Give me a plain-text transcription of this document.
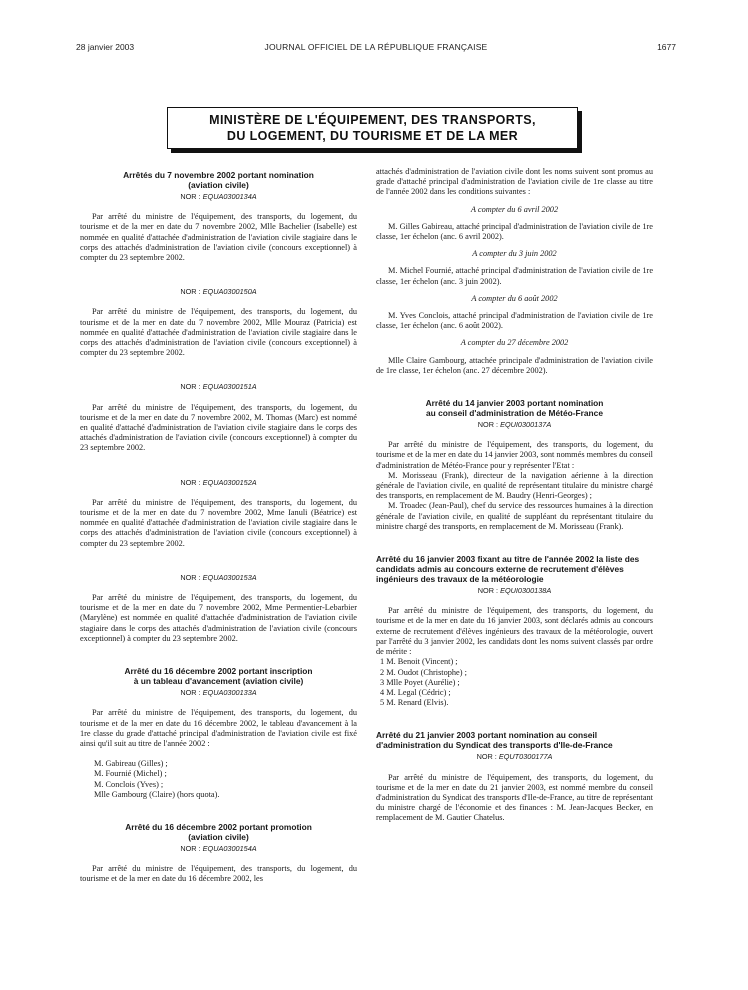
28 janvier 2003	JOURNAL OFFICIEL DE LA RÉPUBLIQUE FRANÇAISE	1677
MINISTÈRE DE L'ÉQUIPEMENT, DES TRANSPORTS,
DU LOGEMENT, DU TOURISME ET DE LA MER
Arrêtés du 7 novembre 2002 portant nomination
(aviation civile)
NOR : EQUA0300134A

Par arrêté du ministre de l'équipement, des transports, du logement, du tourisme et de la mer en date du 7 novembre 2002, Mlle Bachelier (Isabelle) est nommée en qualité d'attachée d'administration de l'aviation civile stagiaire dans le corps des attachés d'administration de l'aviation civile (concours exceptionnel) à compter du 23 septembre 2002.

NOR : EQUA0300150A

Par arrêté du ministre de l'équipement, des transports, du logement, du tourisme et de la mer en date du 7 novembre 2002, Mlle Mouraz (Patricia) est nommée en qualité d'attachée d'administration de l'aviation civile stagiaire dans le corps des attachés d'administration de l'aviation civile (concours exceptionnel) à compter du 23 septembre 2002.

NOR : EQUA0300151A

Par arrêté du ministre de l'équipement, des transports, du logement, du tourisme et de la mer en date du 7 novembre 2002, M. Thomas (Marc) est nommé en qualité d'attaché d'administration de l'aviation civile stagiaire dans le corps des attachés d'administration de l'aviation civile (concours exceptionnel) à compter du 23 septembre 2002.

NOR : EQUA0300152A

Par arrêté du ministre de l'équipement, des transports, du logement, du tourisme et de la mer en date du 7 novembre 2002, Mme Ianuli (Béatrice) est nommée en qualité d'attachée d'administration de l'aviation civile stagiaire dans le corps des attachés d'administration de l'aviation civile (concours exceptionnel) à compter du 23 septembre 2002.

NOR : EQUA0300153A

Par arrêté du ministre de l'équipement, des transports, du logement, du tourisme et de la mer en date du 7 novembre 2002, Mme Permentier-Lebarbier (Marylène) est nommée en qualité d'attachée d'administration de l'aviation civile stagiaire dans le corps des attachés d'administration de l'aviation civile (concours exceptionnel) à compter du 23 septembre 2002.

Arrêté du 16 décembre 2002 portant inscription
à un tableau d'avancement (aviation civile)
NOR : EQUA0300133A

Par arrêté du ministre de l'équipement, des transports, du logement, du tourisme et de la mer en date du 16 décembre 2002, le tableau d'avancement à la 1re classe du grade d'attaché principal d'administration de l'aviation civile est fixé ainsi qu'il suit au titre de l'année 2002 :

M. Gabireau (Gilles) ;

M. Fournié (Michel) ;

M. Conclois (Yves) ;

Mlle Gambourg (Claire) (hors quota).

Arrêté du 16 décembre 2002 portant promotion
(aviation civile)
NOR : EQUA0300154A

Par arrêté du ministre de l'équipement, des transports, du logement, du tourisme et de la mer en date du 16 décembre 2002, les

attachés d'administration de l'aviation civile dont les noms suivent sont promus au grade d'attaché principal d'administration de l'aviation civile de 1re classe au titre de l'année 2002 dans les conditions suivantes :

A compter du 6 avril 2002

M. Gilles Gabireau, attaché principal d'administration de l'aviation civile de 1re classe, 1er échelon (anc. 6 avril 2002).

A compter du 3 juin 2002

M. Michel Fournié, attaché principal d'administration de l'aviation civile de 1re classe, 1er échelon (anc. 3 juin 2002).

A compter du 6 août 2002

M. Yves Conclois, attaché principal d'administration de l'aviation civile de 1re classe, 1er échelon (anc. 6 août 2002).

A compter du 27 décembre 2002

Mlle Claire Gambourg, attachée principale d'administration de l'aviation civile de 1re classe, 1er échelon (anc. 27 décembre 2002).

Arrêté du 14 janvier 2003 portant nomination
au conseil d'administration de Météo-France
NOR : EQUI0300137A

Par arrêté du ministre de l'équipement, des transports, du logement, du tourisme et de la mer en date du 14 janvier 2003, sont nommés membres du conseil d'administration de Météo-France pour y représenter l'Etat :

M. Morisseau (Frank), directeur de la navigation aérienne à la direction générale de l'aviation civile, en qualité de représentant titulaire du ministre chargé des transports, en remplacement de M. Baudry (Henri-Georges) ;

M. Troadec (Jean-Paul), chef du service des ressources humaines à la direction générale de l'aviation civile, en qualité de suppléant du représentant titulaire du ministre chargé des transports, en remplacement de M. Morisseau (Frank).

Arrêté du 16 janvier 2003 fixant au titre de l'année 2002 la liste des candidats admis au concours externe de recrutement d'élèves ingénieurs des travaux de la météorologie
NOR : EQUI0300138A

Par arrêté du ministre de l'équipement, des transports, du logement, du tourisme et de la mer en date du 16 janvier 2003, sont déclarés admis au concours externe de recrutement d'élèves ingénieurs des travaux de la météorologie, ouvert par l'arrêté du 3 janvier 2002, les candidats dont les noms suivent classés par ordre de mérite :

1 M. Benoit (Vincent) ;

2 M. Oudot (Christophe) ;

3 Mlle Poyet (Aurélie) ;

4 M. Legal (Cédric) ;

5 M. Renard (Elvis).

Arrêté du 21 janvier 2003 portant nomination au conseil d'administration du Syndicat des transports d'Ile-de-France
NOR : EQUT0300177A

Par arrêté du ministre de l'équipement, des transports, du logement, du tourisme et de la mer en date du 21 janvier 2003, est nommé membre du conseil d'administration du Syndicat des transports d'Ile-de-France, au titre de représentant du ministre chargé de l'économie et des finances : M. Jean-Jacques Becker, en remplacement de M. Gautier Chatelus.
